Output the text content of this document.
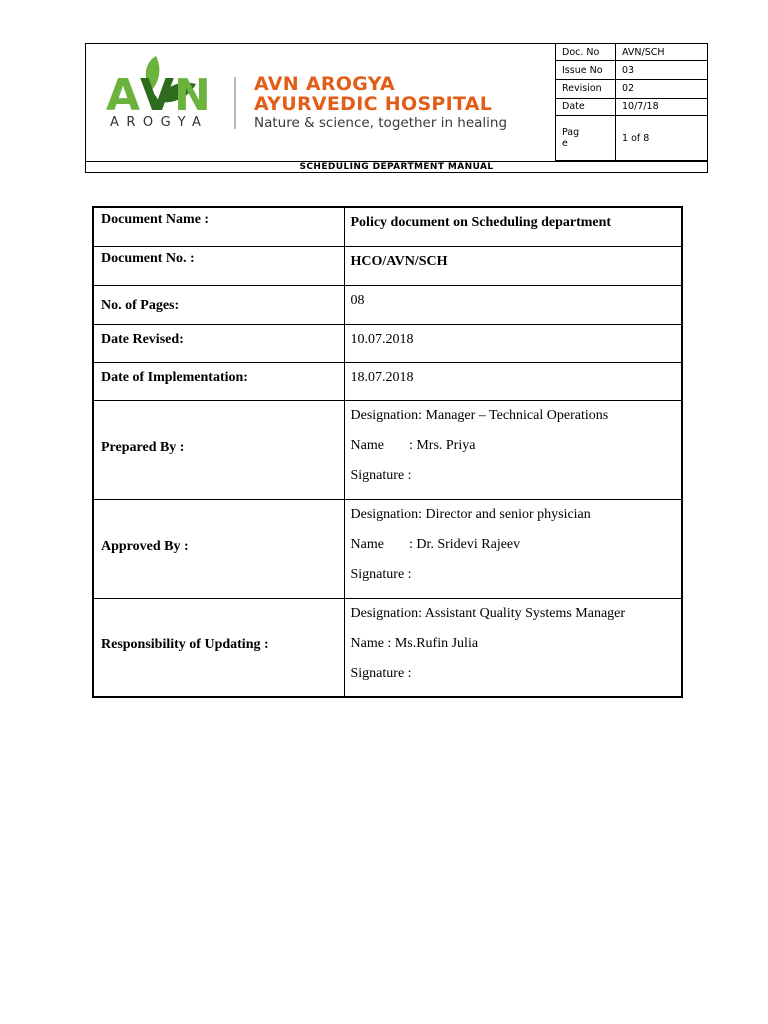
A V N
AROGYA
AVN AROGYA
AYURVEDIC HOSPITAL
Nature & science, together in healing
Doc. No	AVN/SCH
Issue No	03
Revision	02
Date	10/7/18

Pag
e	1 of 8
SCHEDULING DEPARTMENT MANUAL
Document Name :	Policy document on Scheduling department
Document No. :	HCO/AVN/SCH
No. of Pages:	08
Date Revised:	10.07.2018
Date of Implementation:	18.07.2018
Prepared By :	Designation: Manager – Technical Operations
Name : Mrs. Priya
Signature :

Approved By :	Designation: Director and senior physician
Name : Dr. Sridevi Rajeev
Signature :

Responsibility of Updating :	Designation: Assistant Quality Systems Manager
Name : Ms.Rufin Julia
Signature :
